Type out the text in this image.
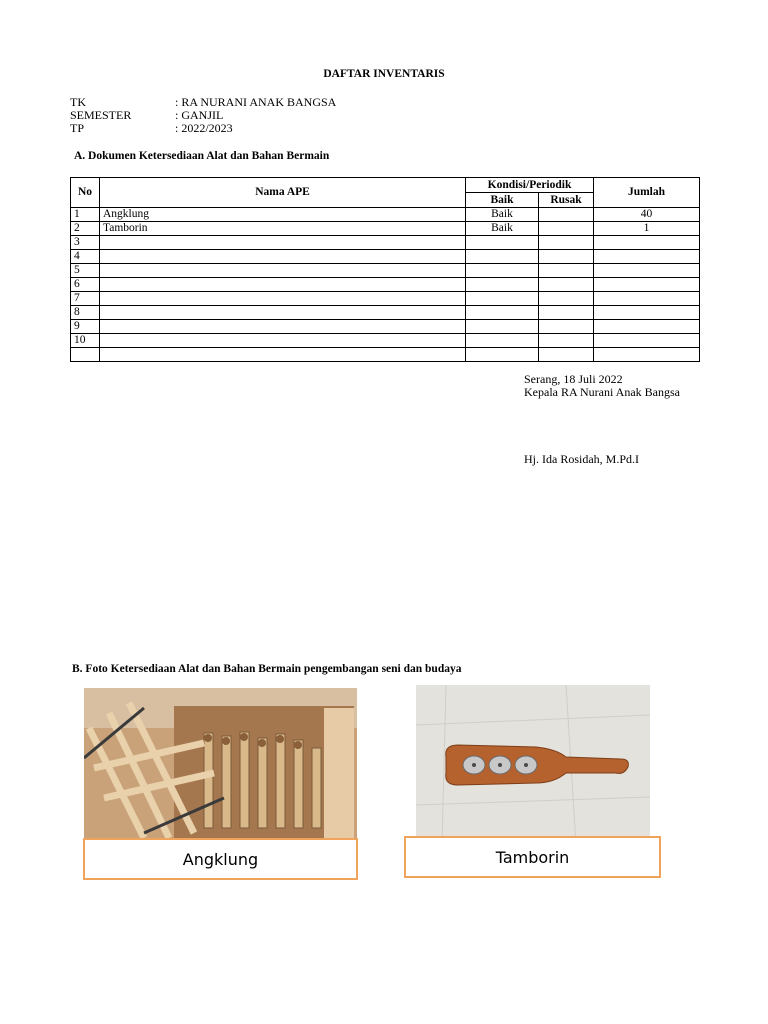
DAFTAR INVENTARIS
TK	: RA NURANI ANAK BANGSA
SEMESTER	: GANJIL
TP	: 2022/2023
A. Dokumen Ketersediaan Alat dan Bahan Bermain
No	Nama APE	Kondisi/Periodik		Jumlah
		Baik	Rusak	
1	Angklung	Baik		40
2	Tamborin	Baik		1
3				
4				
5				
6				
7				
8				
9				
10				

Serang, 18 Juli 2022
Kepala RA Nurani Anak Bangsa
Hj. Ida Rosidah, M.Pd.I
B. Foto Ketersediaan Alat dan Bahan Bermain pengembangan seni dan budaya
Angklung	Tamborin
